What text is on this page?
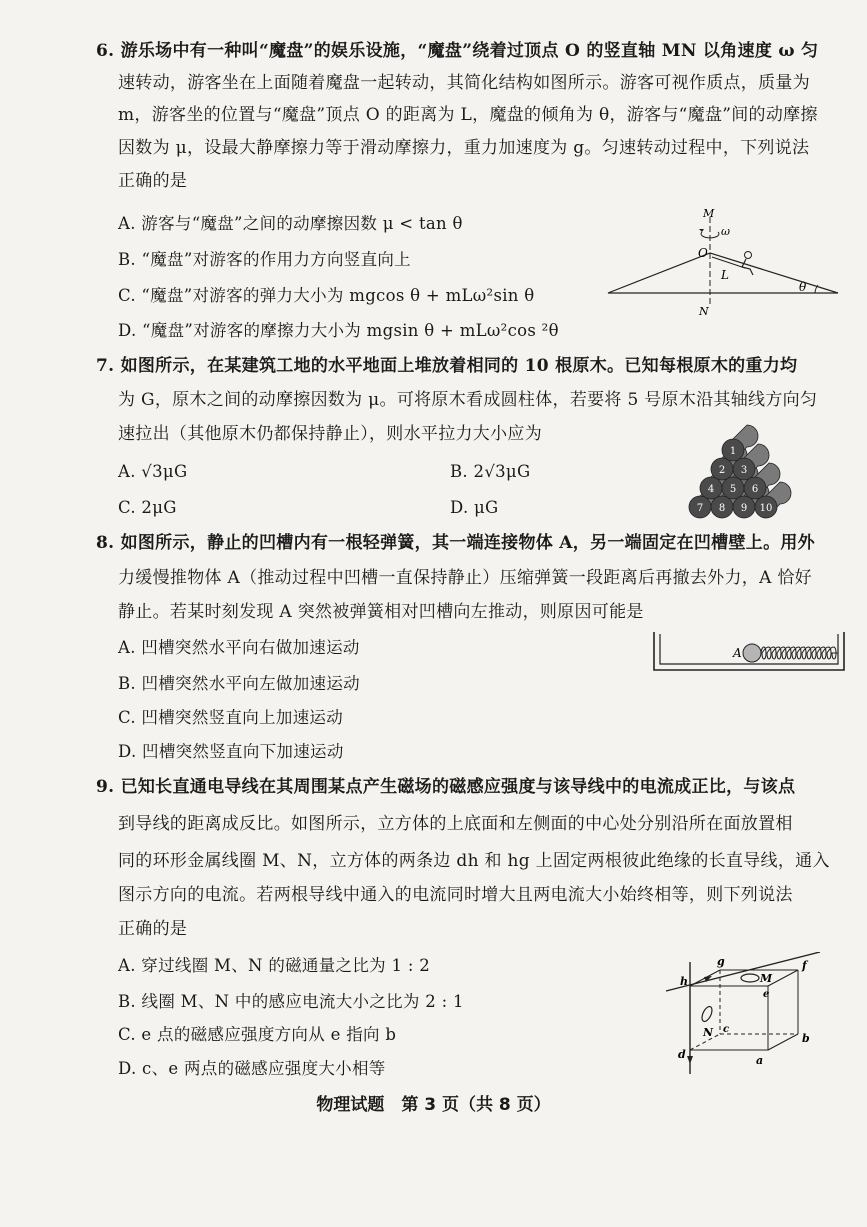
6. 游乐场中有一种叫“魔盘”的娱乐设施，“魔盘”绕着过顶点 O 的竖直轴 MN 以角速度 ω 匀
速转动，游客坐在上面随着魔盘一起转动，其简化结构如图所示。游客可视作质点，质量为
m，游客坐的位置与“魔盘”顶点 O 的距离为 L，魔盘的倾角为 θ，游客与“魔盘”间的动摩擦
因数为 μ，设最大静摩擦力等于滑动摩擦力，重力加速度为 g。匀速转动过程中，下列说法
正确的是
A. 游客与“魔盘”之间的动摩擦因数 μ < tan θ
B. “魔盘”对游客的作用力方向竖直向上
C. “魔盘”对游客的弹力大小为 mgcos θ + mLω²sin θ
D. “魔盘”对游客的摩擦力大小为 mgsin θ + mLω²cos ²θ
M
ω
O
L
θ
N
7. 如图所示，在某建筑工地的水平地面上堆放着相同的 10 根原木。已知每根原木的重力均
为 G，原木之间的动摩擦因数为 μ。可将原木看成圆柱体，若要将 5 号原木沿其轴线方向匀
速拉出（其他原木仍都保持静止），则水平拉力大小应为
A. √3μG	B. 2√3μG
C. 2μG	D. μG	7 8 9 10
4 5 6
2 3
1
8. 如图所示，静止的凹槽内有一根轻弹簧，其一端连接物体 A，另一端固定在凹槽壁上。用外
力缓慢推物体 A（推动过程中凹槽一直保持静止）压缩弹簧一段距离后再撤去外力，A 恰好
静止。若某时刻发现 A 突然被弹簧相对凹槽向左推动，则原因可能是
A. 凹槽突然水平向右做加速运动
B. 凹槽突然水平向左做加速运动
C. 凹槽突然竖直向上加速运动
D. 凹槽突然竖直向下加速运动
A
9. 已知长直通电导线在其周围某点产生磁场的磁感应强度与该导线中的电流成正比，与该点
到导线的距离成反比。如图所示，立方体的上底面和左侧面的中心处分别沿所在面放置相
同的环形金属线圈 M、N，立方体的两条边 dh 和 hg 上固定两根彼此绝缘的长直导线，通入
图示方向的电流。若两根导线中通入的电流同时增大且两电流大小始终相等，则下列说法
正确的是
A. 穿过线圈 M、N 的磁通量之比为 1 : 2
B. 线圈 M、N 中的感应电流大小之比为 2 : 1
C. e 点的磁感应强度方向从 e 指向 b
D. c、e 两点的磁感应强度大小相等
h
g	f
e
M
N c
b
d	a
物理试题　第 3 页（共 8 页）
